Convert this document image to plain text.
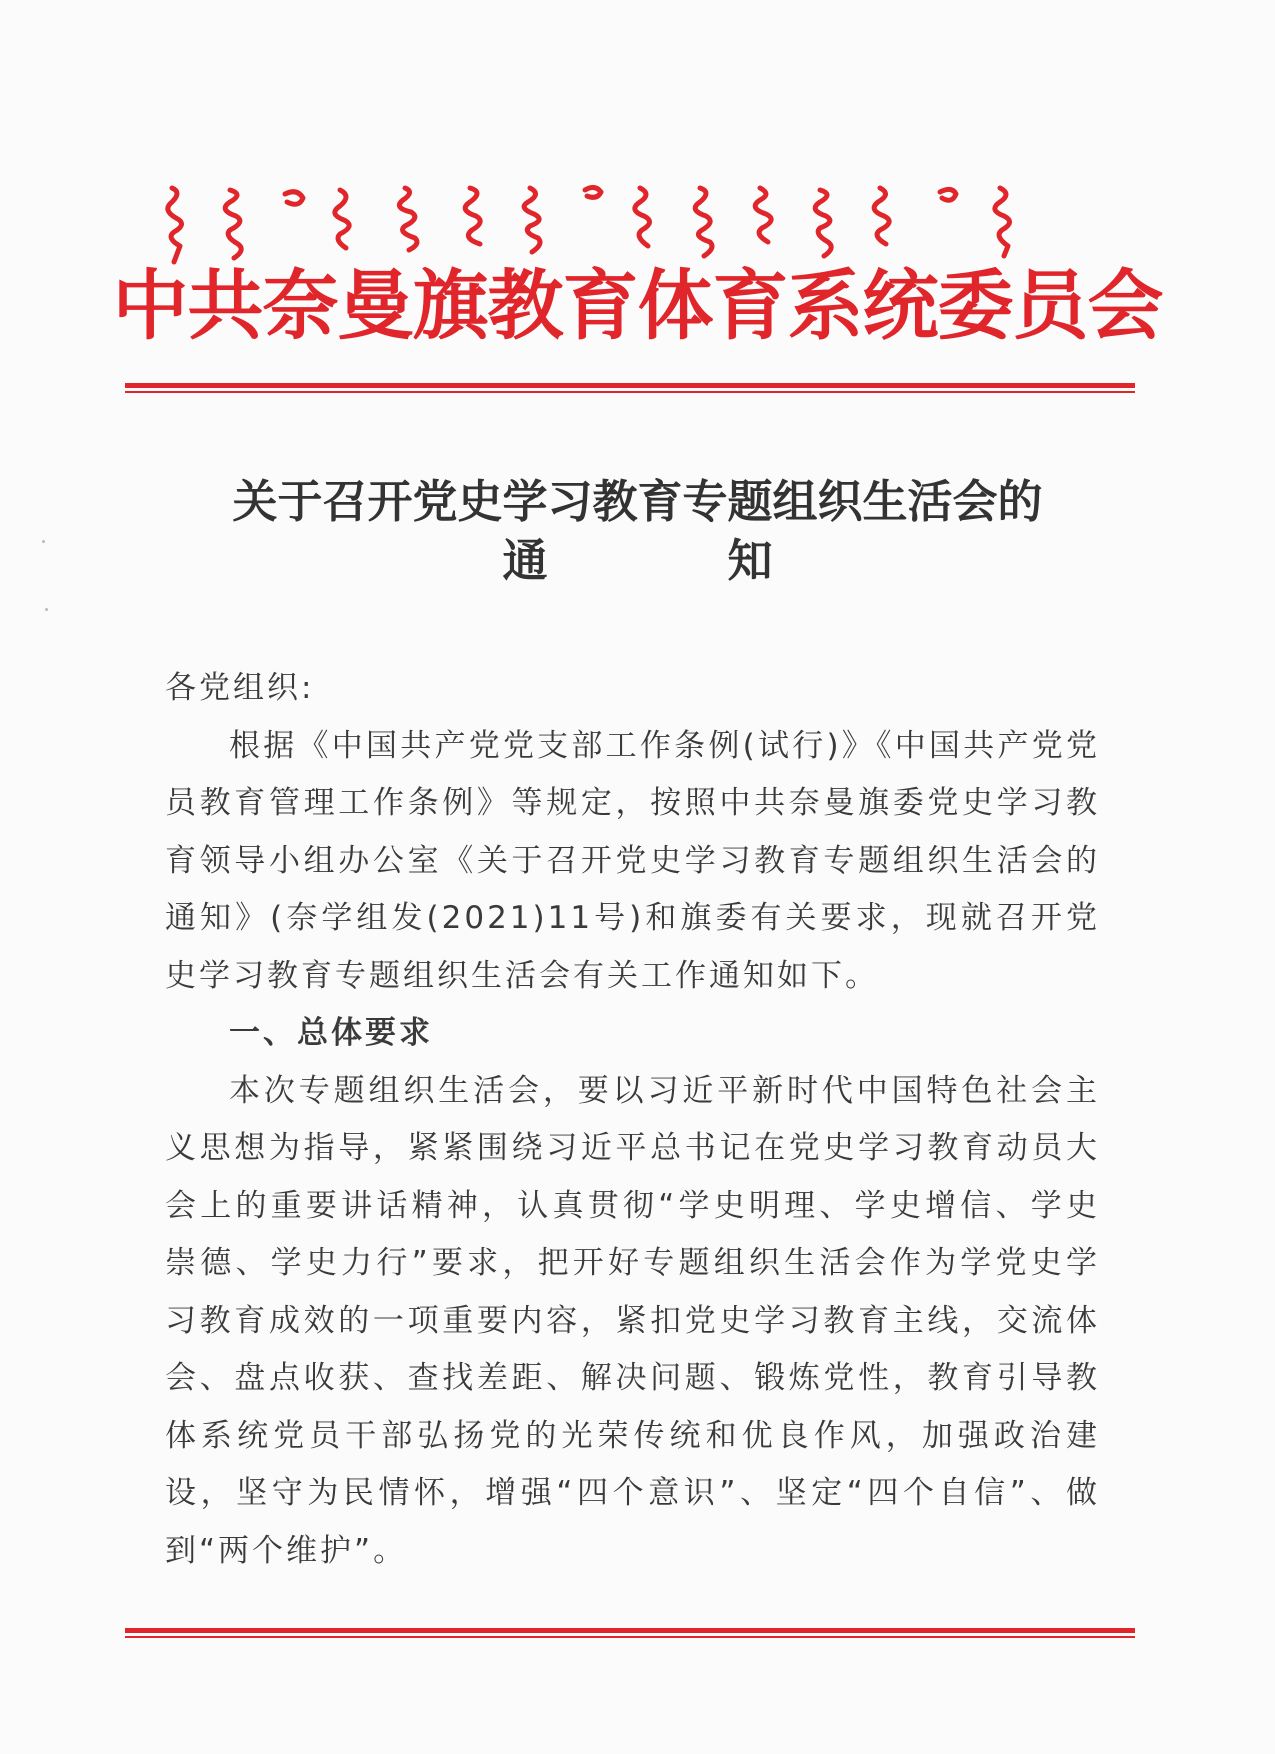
中共奈曼旗教育体育系统委员会
关于召开党史学习教育专题组织生活会的
通知

各党组织:

根据《中国共产党党支部工作条例(试行)》《中国共产党党员教育管理工作条例》等规定，按照中共奈曼旗委党史学习教育领导小组办公室《关于召开党史学习教育专题组织生活会的通知》(奈学组发(2021)11号)和旗委有关要求，现就召开党史学习教育专题组织生活会有关工作通知如下。

一、总体要求

本次专题组织生活会，要以习近平新时代中国特色社会主义思想为指导，紧紧围绕习近平总书记在党史学习教育动员大会上的重要讲话精神，认真贯彻“学史明理、学史增信、学史崇德、学史力行”要求，把开好专题组织生活会作为学党史学习教育成效的一项重要内容，紧扣党史学习教育主线，交流体会、盘点收获、查找差距、解决问题、锻炼党性，教育引导教体系统党员干部弘扬党的光荣传统和优良作风，加强政治建设，坚守为民情怀，增强“四个意识”、坚定“四个自信”、做到“两个维护”。
